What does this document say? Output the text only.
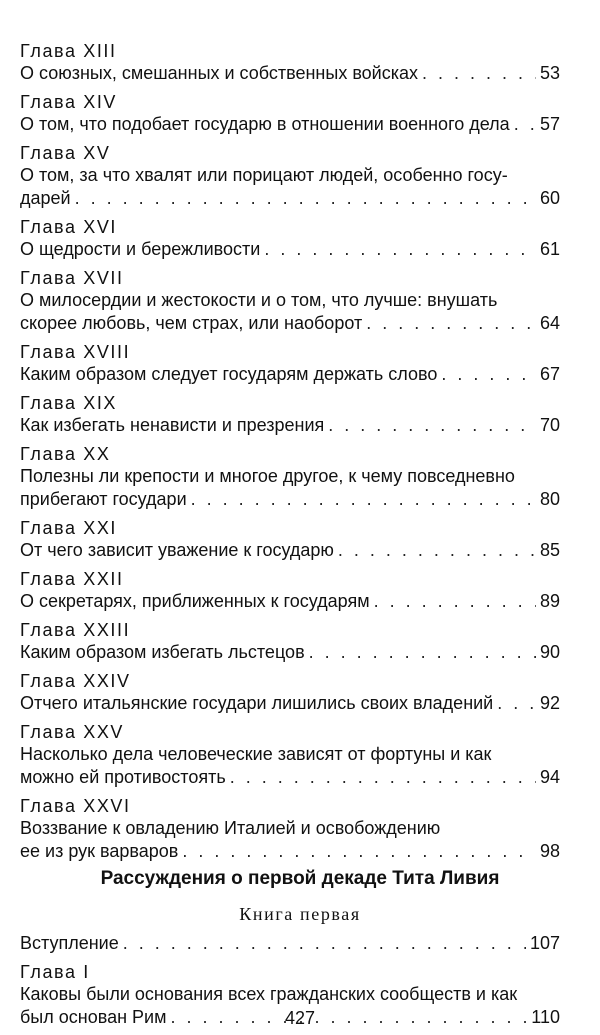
Глава XIII
О союзных, смешанных и собственных войсках . . .	53
Глава XIV
О том, что подобает государю в отношении военного дела . . . 57
Глава XV
О том, за что хвалят или порицают людей, особенно госу-
дарей . . .	60
Глава XVI
О щедрости и бережливости . . .	61
Глава XVII
О милосердии и жестокости и о том, что лучше: внушать
скорее любовь, чем страх, или наоборот . . .	64
Глава XVIII
Каким образом следует государям держать слово . . .	67
Глава XIX
Как избегать ненависти и презрения . . .	70
Глава XX
Полезны ли крепости и многое другое, к чему повседневно
прибегают государи . . .	80
Глава XXI
От чего зависит уважение к государю . . .	85
Глава XXII
О секретарях, приближенных к государям . . .	89
Глава XXIII
Каким образом избегать льстецов . . .	90
Глава XXIV
Отчего итальянские государи лишились своих владений . . .	92
Глава XXV
Насколько дела человеческие зависят от фортуны и как
можно ей противостоять . . .	94
Глава XXVI
Воззвание к овладению Италией и освобождению
ее из рук варваров . . .	98
Рассуждения о первой декаде Тита Ливия
Книга первая
Вступление . . .	107
Глава I
Каковы были основания всех гражданских сообществ и как
был основан Рим . . .	110
427
